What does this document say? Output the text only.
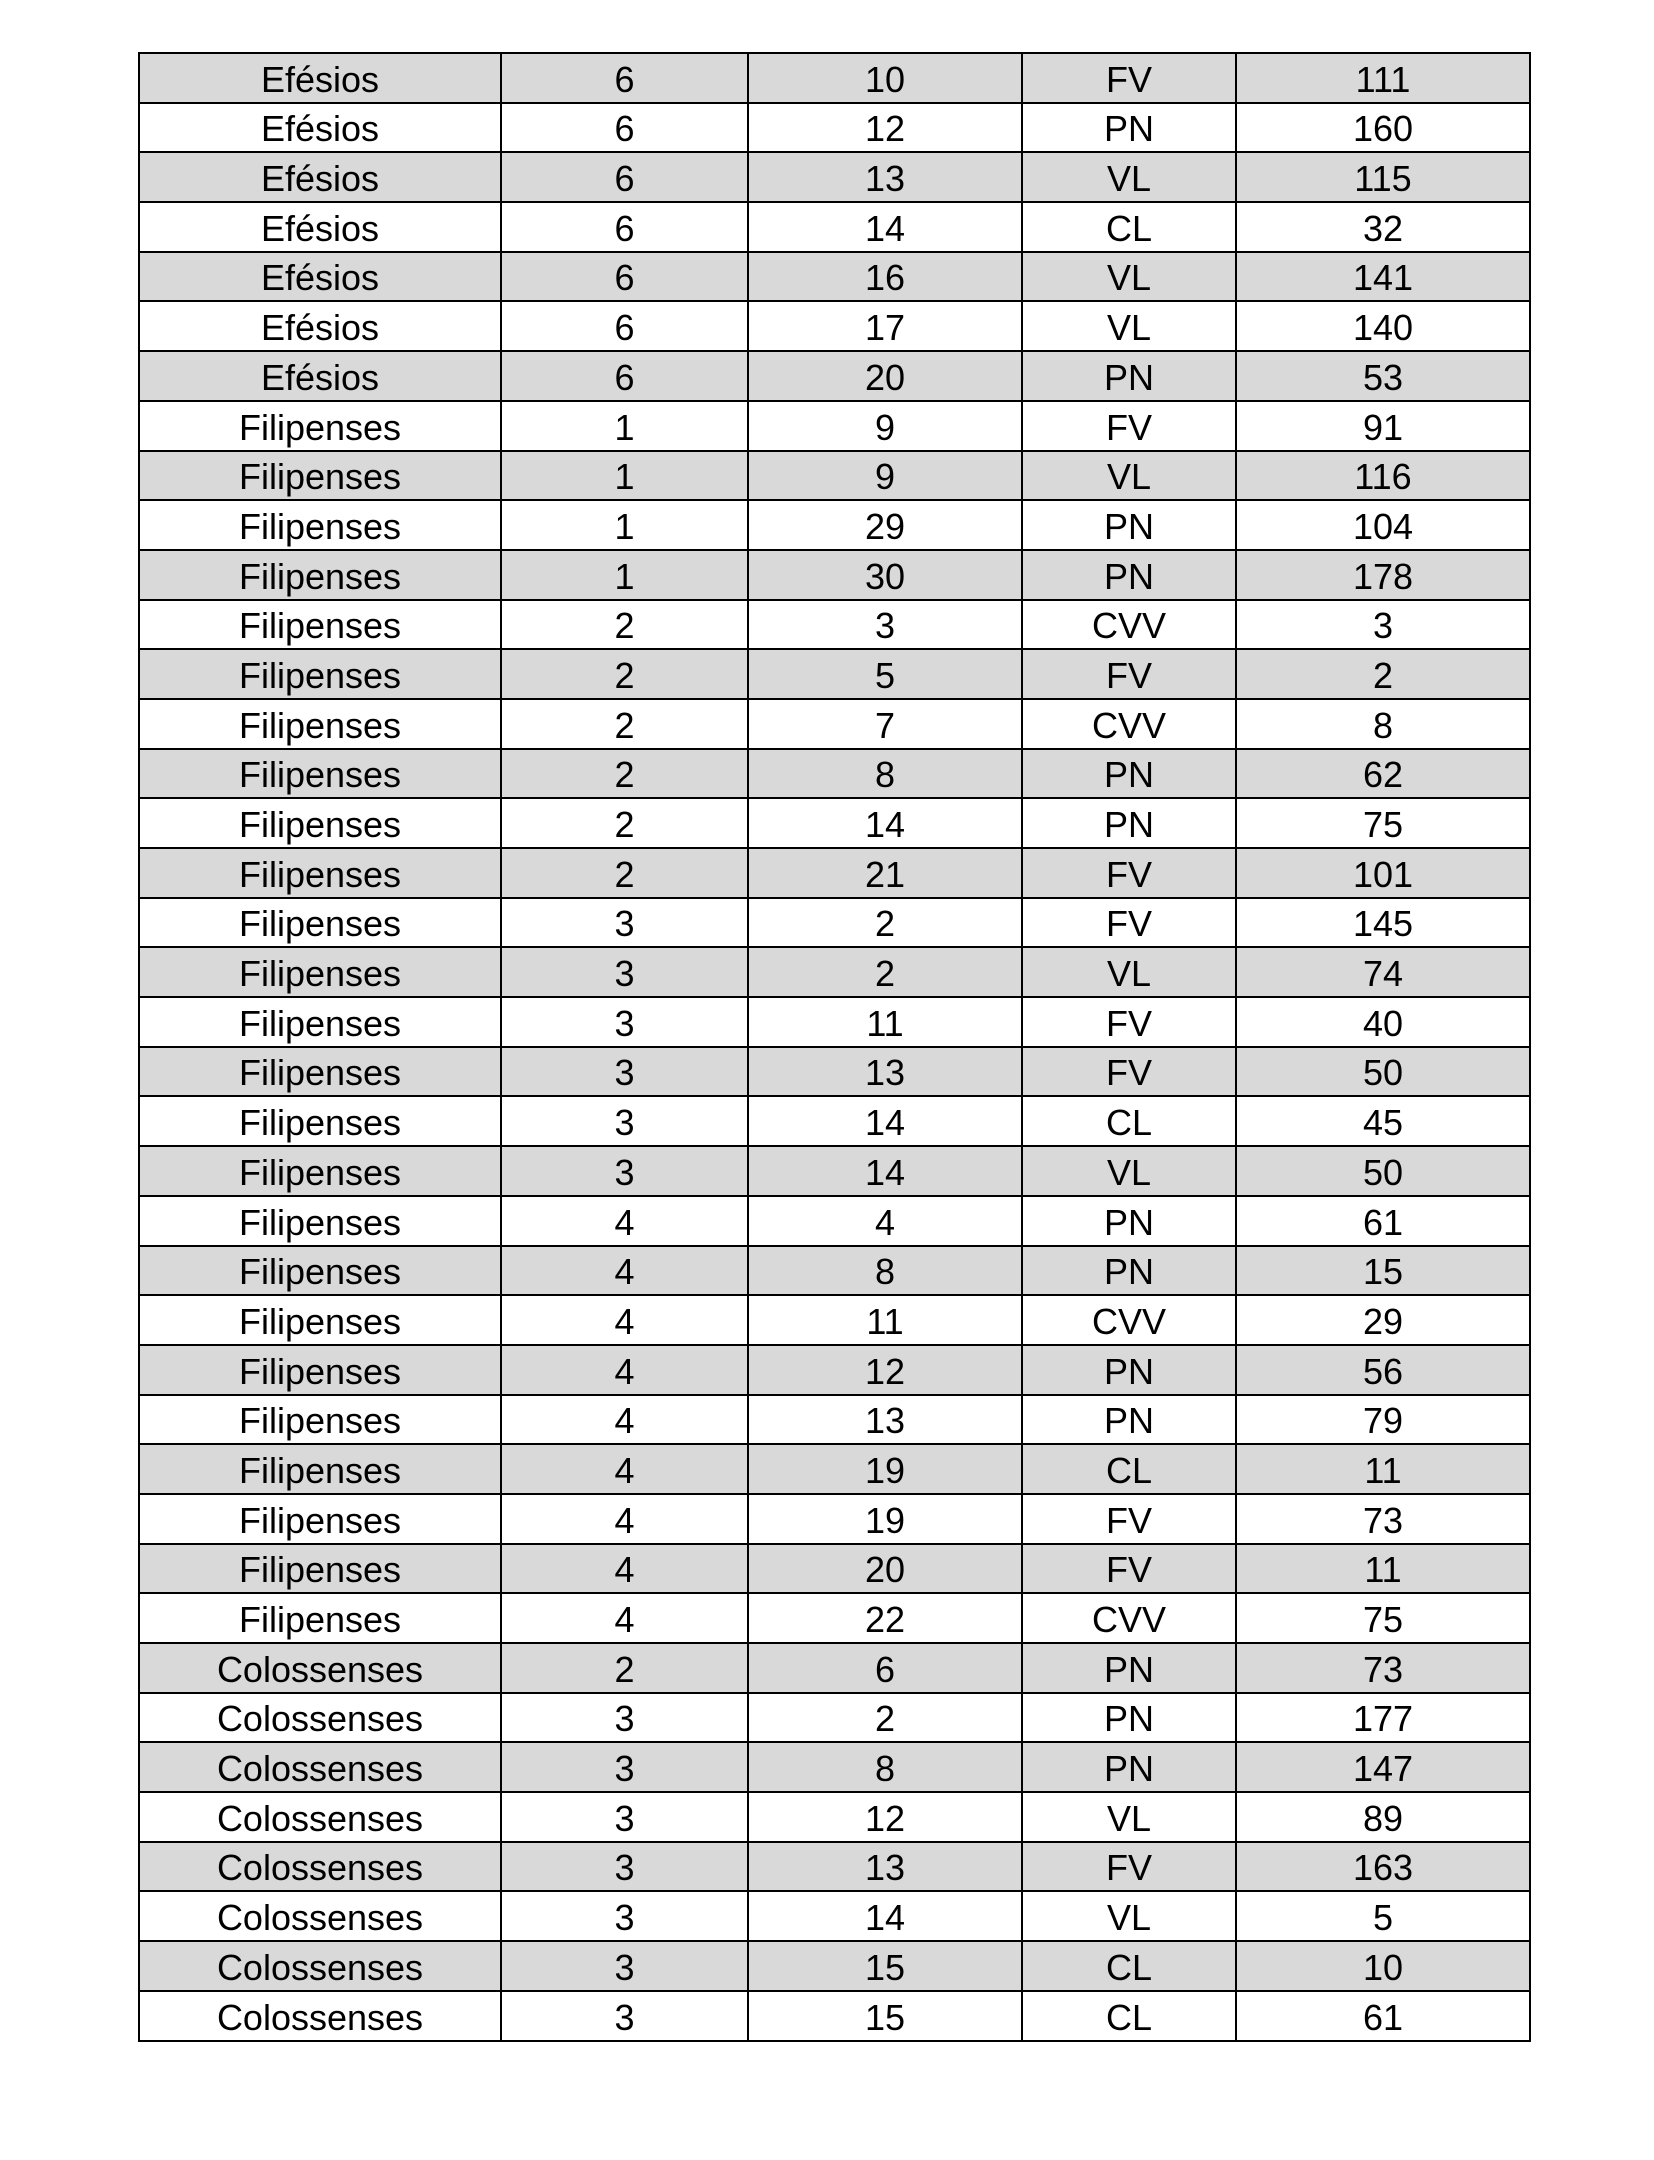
Efésios	6	10	FV	111
Efésios	6	12	PN	160
Efésios	6	13	VL	115
Efésios	6	14	CL	32
Efésios	6	16	VL	141
Efésios	6	17	VL	140
Efésios	6	20	PN	53
Filipenses	1	9	FV	91
Filipenses	1	9	VL	116
Filipenses	1	29	PN	104
Filipenses	1	30	PN	178
Filipenses	2	3	CVV	3
Filipenses	2	5	FV	2
Filipenses	2	7	CVV	8
Filipenses	2	8	PN	62
Filipenses	2	14	PN	75
Filipenses	2	21	FV	101
Filipenses	3	2	FV	145
Filipenses	3	2	VL	74
Filipenses	3	11	FV	40
Filipenses	3	13	FV	50
Filipenses	3	14	CL	45
Filipenses	3	14	VL	50
Filipenses	4	4	PN	61
Filipenses	4	8	PN	15
Filipenses	4	11	CVV	29
Filipenses	4	12	PN	56
Filipenses	4	13	PN	79
Filipenses	4	19	CL	11
Filipenses	4	19	FV	73
Filipenses	4	20	FV	11
Filipenses	4	22	CVV	75
Colossenses	2	6	PN	73
Colossenses	3	2	PN	177
Colossenses	3	8	PN	147
Colossenses	3	12	VL	89
Colossenses	3	13	FV	163
Colossenses	3	14	VL	5
Colossenses	3	15	CL	10
Colossenses	3	15	CL	61
